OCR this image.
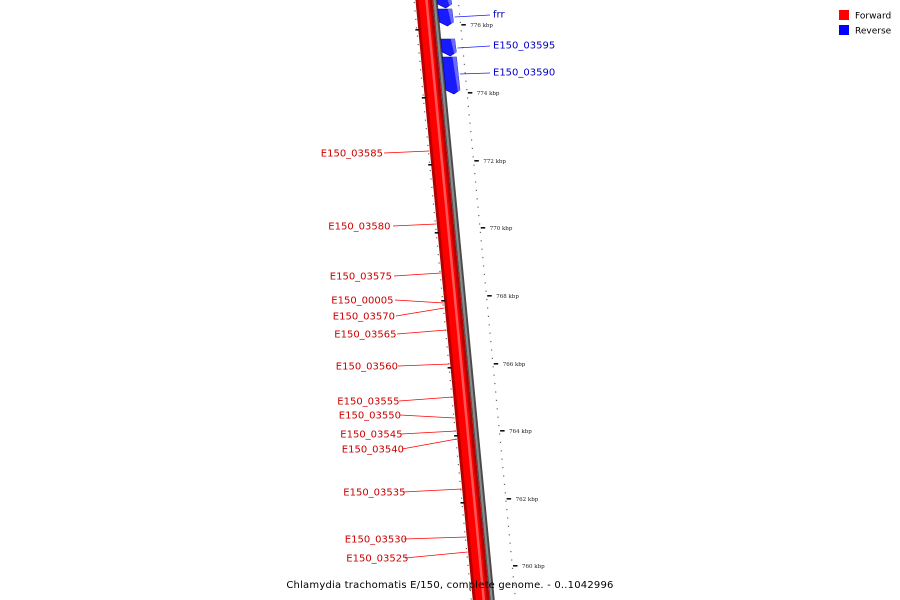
776 kbp
774 kbp
772 kbp
770 kbp
768 kbp
766 kbp
764 kbp
762 kbp
760 kbp
E150_03585
E150_03580
E150_03575
E150_00005
E150_03570
E150_03565
E150_03560
E150_03555
E150_03550
E150_03545
E150_03540
E150_03535
E150_03530
E150_03525
frr
E150_03595
E150_03590
Forward
Reverse
Chlamydia trachomatis E/150, complete genome. - 0..1042996
